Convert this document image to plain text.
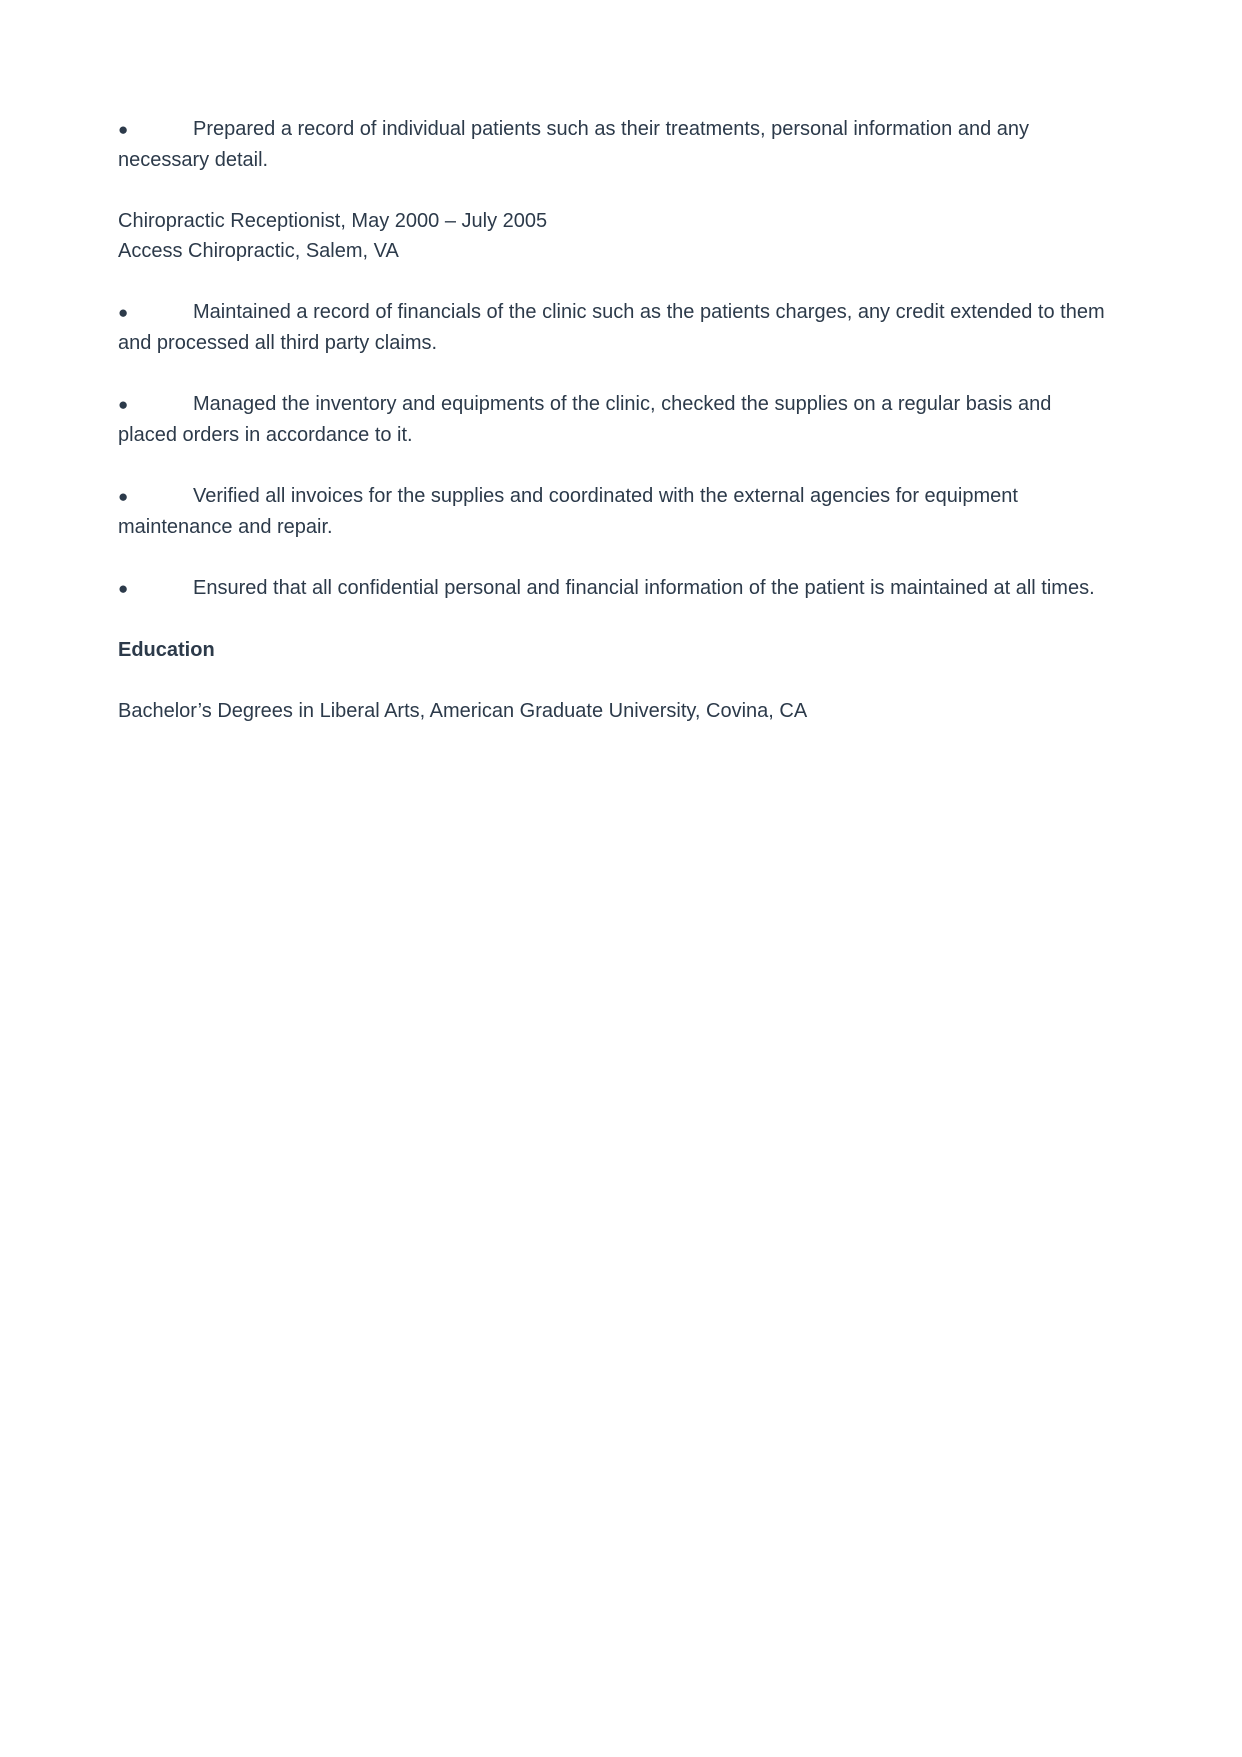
●	Prepared a record of individual patients such as their treatments, personal information and any necessary detail.

Chiropractic Receptionist, May 2000 – July 2005

Access Chiropractic, Salem, VA

●	Maintained a record of financials of the clinic such as the patients charges, any credit extended to them and processed all third party claims.

●	Managed the inventory and equipments of the clinic, checked the supplies on a regular basis and placed orders in accordance to it.

●	Verified all invoices for the supplies and coordinated with the external agencies for equipment maintenance and repair.

●	Ensured that all confidential personal and financial information of the patient is maintained at all times.

Education

Bachelor’s Degrees in Liberal Arts, American Graduate University, Covina, CA
